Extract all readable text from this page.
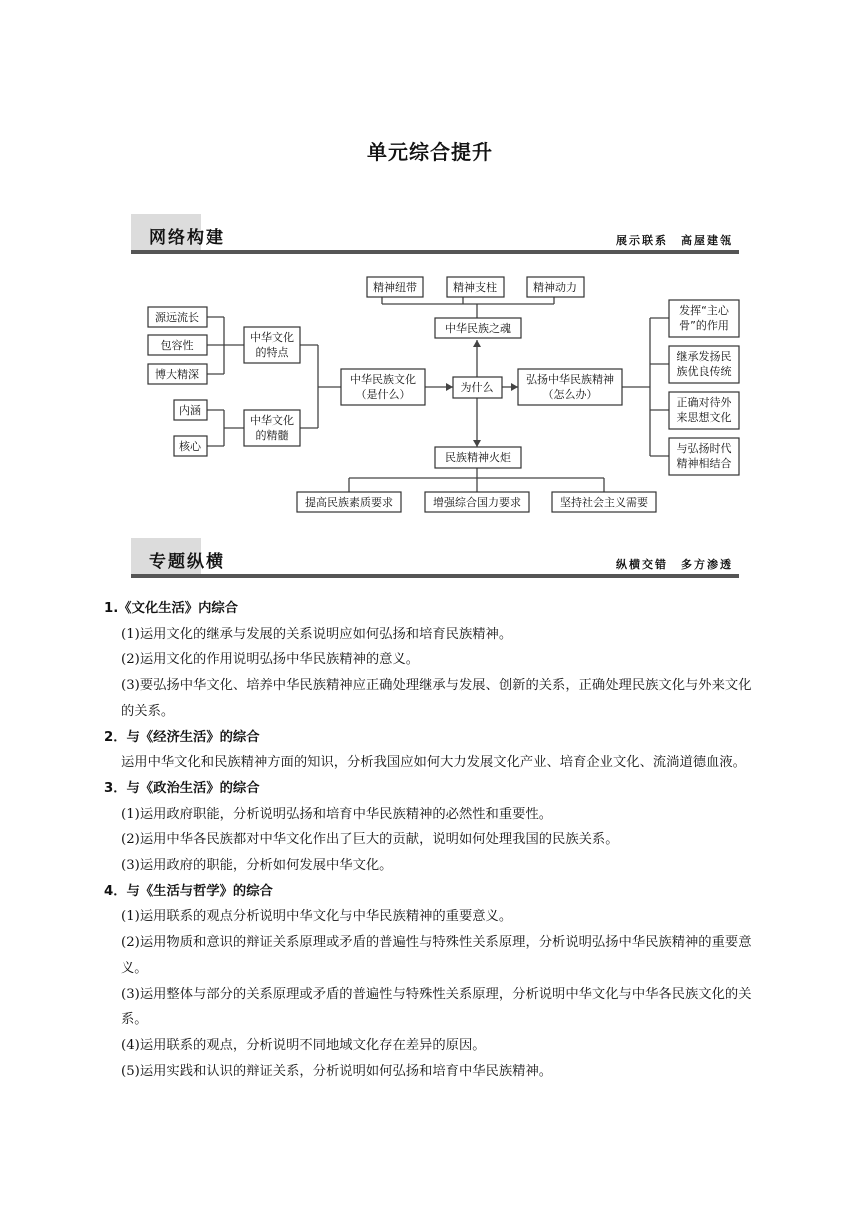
单元综合提升
网络构建	展示联系　高屋建瓴
精神纽带	精神支柱	精神动力
中华民族之魂
源远流长
包容性
博大精深
内涵
核心
中华文化
的特点
中华文化
的精髓
中华民族文化
（是什么）
为什么
弘扬中华民族精神
（怎么办）
发挥“主心
骨”的作用
继承发扬民
族优良传统
正确对待外
来思想文化
与弘扬时代
精神相结合
民族精神火炬
提高民族素质要求	增强综合国力要求	坚持社会主义需要
专题纵横	纵横交错　多方渗透
1.《文化生活》内综合
(1)运用文化的继承与发展的关系说明应如何弘扬和培育民族精神。
(2)运用文化的作用说明弘扬中华民族精神的意义。
(3)要弘扬中华文化、培养中华民族精神应正确处理继承与发展、创新的关系，正确处理民族文化与外来文化的关系。
2．与《经济生活》的综合
运用中华文化和民族精神方面的知识，分析我国应如何大力发展文化产业、培育企业文化、流淌道德血液。
3．与《政治生活》的综合
(1)运用政府职能，分析说明弘扬和培育中华民族精神的必然性和重要性。
(2)运用中华各民族都对中华文化作出了巨大的贡献，说明如何处理我国的民族关系。
(3)运用政府的职能，分析如何发展中华文化。
4．与《生活与哲学》的综合
(1)运用联系的观点分析说明中华文化与中华民族精神的重要意义。
(2)运用物质和意识的辩证关系原理或矛盾的普遍性与特殊性关系原理，分析说明弘扬中华民族精神的重要意义。
(3)运用整体与部分的关系原理或矛盾的普遍性与特殊性关系原理，分析说明中华文化与中华各民族文化的关系。
(4)运用联系的观点，分析说明不同地域文化存在差异的原因。
(5)运用实践和认识的辩证关系，分析说明如何弘扬和培育中华民族精神。
